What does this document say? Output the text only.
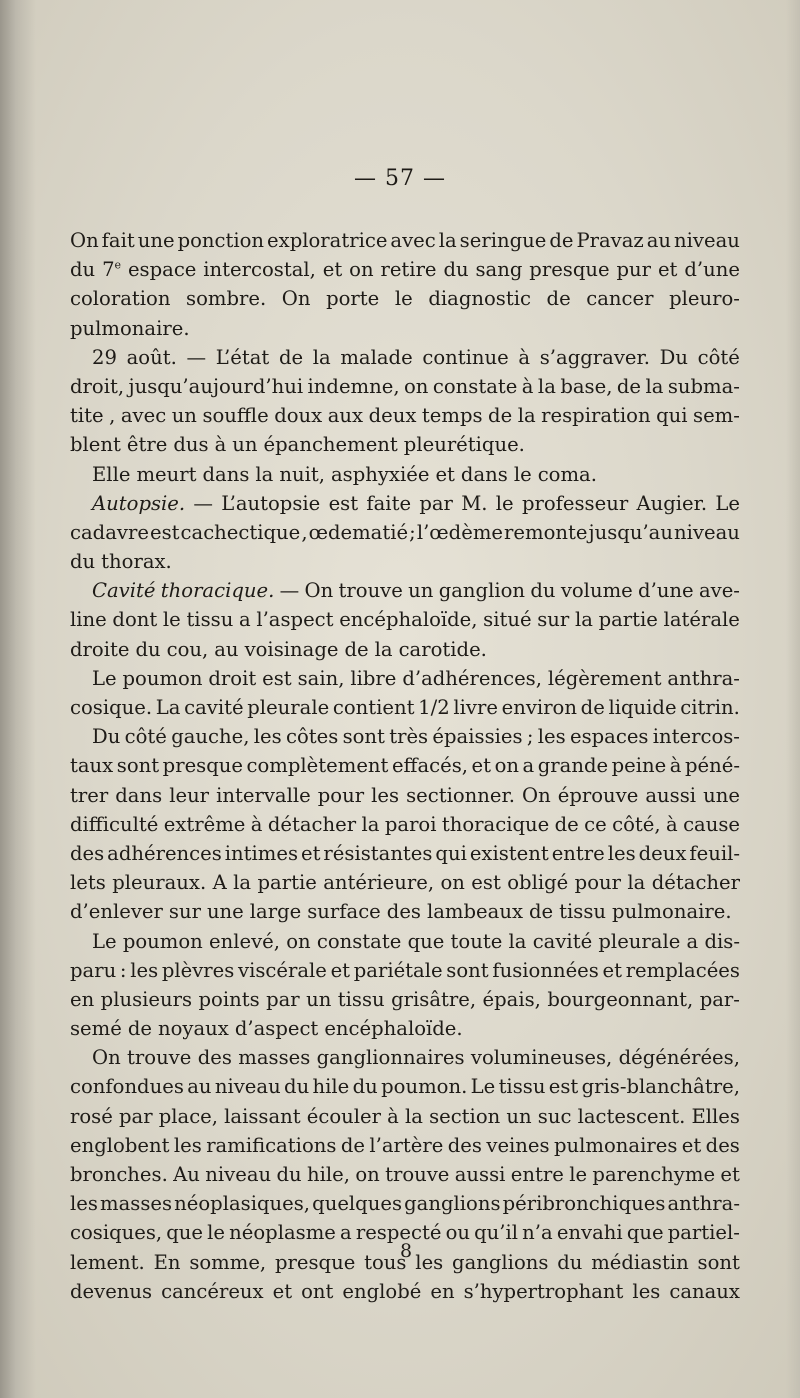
— 57 —
On fait une ponction exploratrice avec la seringue de Pravaz au niveau
du 7e espace intercostal, et on retire du sang presque pur et d’une
coloration sombre. On porte le diagnostic de cancer pleuro-
pulmonaire.
29 août. — L’état de la malade continue à s’aggraver. Du côté
droit, jusqu’aujourd’hui indemne, on constate à la base, de la subma-
tite , avec un souffle doux aux deux temps de la respiration qui sem-
blent être dus à un épanchement pleurétique.
Elle meurt dans la nuit, asphyxiée et dans le coma.
Autopsie. — L’autopsie est faite par M. le professeur Augier. Le
cadavre est cachectique , œdematié ; l’œdème remonte jusqu’au niveau
du thorax.
Cavité thoracique. — On trouve un ganglion du volume d’une ave-
line dont le tissu a l’aspect encéphaloïde, situé sur la partie latérale
droite du cou, au voisinage de la carotide.
Le poumon droit est sain, libre d’adhérences, légèrement anthra-
cosique. La cavité pleurale contient 1/2 livre environ de liquide citrin.
Du côté gauche, les côtes sont très épaissies ; les espaces intercos-
taux sont presque complètement effacés, et on a grande peine à péné-
trer dans leur intervalle pour les sectionner. On éprouve aussi une
difficulté extrême à détacher la paroi thoracique de ce côté, à cause
des adhérences intimes et résistantes qui existent entre les deux feuil-
lets pleuraux. A la partie antérieure, on est obligé pour la détacher
d’enlever sur une large surface des lambeaux de tissu pulmonaire.
Le poumon enlevé, on constate que toute la cavité pleurale a dis-
paru : les plèvres viscérale et pariétale sont fusionnées et remplacées
en plusieurs points par un tissu grisâtre, épais, bourgeonnant, par-
semé de noyaux d’aspect encéphaloïde.
On trouve des masses ganglionnaires volumineuses, dégénérées,
confondues au niveau du hile du poumon. Le tissu est gris-blanchâtre,
rosé par place, laissant écouler à la section un suc lactescent. Elles
englobent les ramifications de l’artère des veines pulmonaires et des
bronches. Au niveau du hile, on trouve aussi entre le parenchyme et
les masses néoplasiques, quelques ganglions péribronchiques anthra-
cosiques, que le néoplasme a respecté ou qu’il n’a envahi que partiel-
lement. En somme, presque tous les ganglions du médiastin sont
devenus cancéreux et ont englobé en s’hypertrophant les canaux
8
